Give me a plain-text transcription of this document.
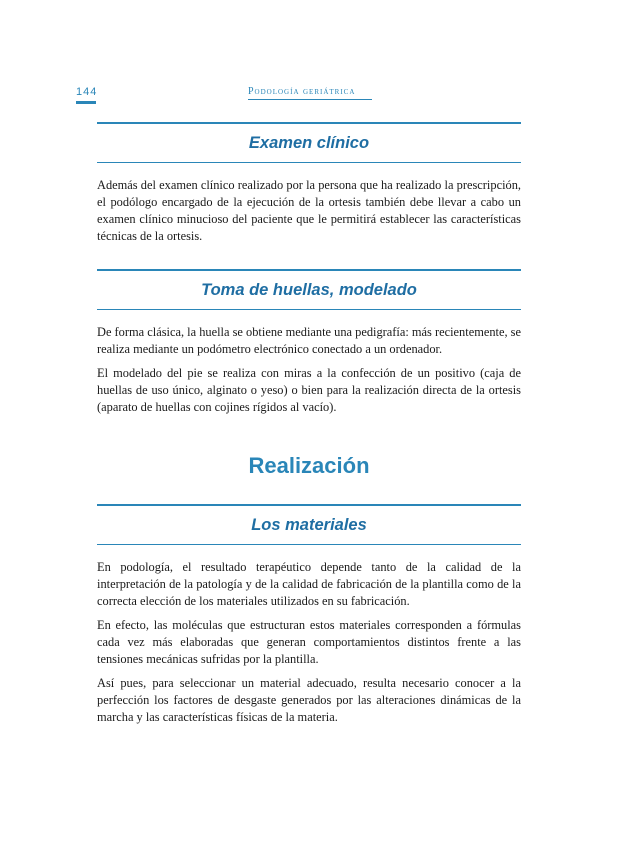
144	Podología geriátrica
Examen clínico

Además del examen clínico realizado por la persona que ha realizado la prescripción, el podólogo encargado de la ejecución de la ortesis también debe llevar a cabo un examen clínico minucioso del paciente que le permitirá establecer las características técnicas de la ortesis.

Toma de huellas, modelado

De forma clásica, la huella se obtiene mediante una pedigrafía: más recientemente, se realiza mediante un podómetro electrónico conectado a un ordenador.

El modelado del pie se realiza con miras a la confección de un positivo (caja de huellas de uso único, alginato o yeso) o bien para la realización directa de la ortesis (aparato de huellas con cojines rígidos al vacío).

Realización
Los materiales

En podología, el resultado terapéutico depende tanto de la calidad de la interpretación de la patología y de la calidad de fabricación de la plantilla como de la correcta elección de los materiales utilizados en su fabricación.

En efecto, las moléculas que estructuran estos materiales corresponden a fórmulas cada vez más elaboradas que generan comportamientos distintos frente a las tensiones mecánicas sufridas por la plantilla.

Así pues, para seleccionar un material adecuado, resulta necesario conocer a la perfección los factores de desgaste generados por las alteraciones dinámicas de la marcha y las características físicas de la materia.
